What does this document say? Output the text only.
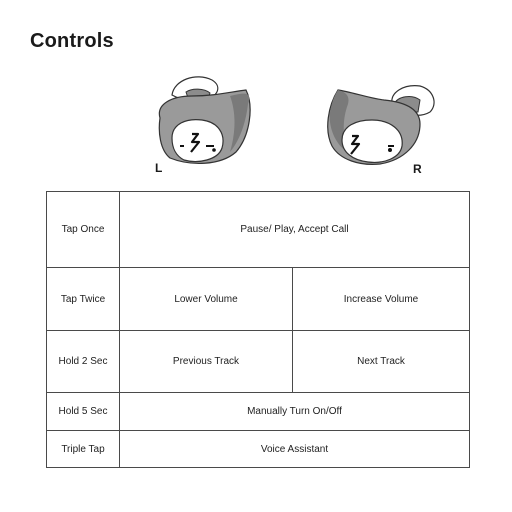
Controls
L	R
Tap Once	Pause/ Play, Accept Call	
Tap Twice	Lower Volume	Increase Volume
Hold 2 Sec	Previous Track	Next Track
Hold 5 Sec	Manually Turn On/Off	
Triple Tap	Voice Assistant	
